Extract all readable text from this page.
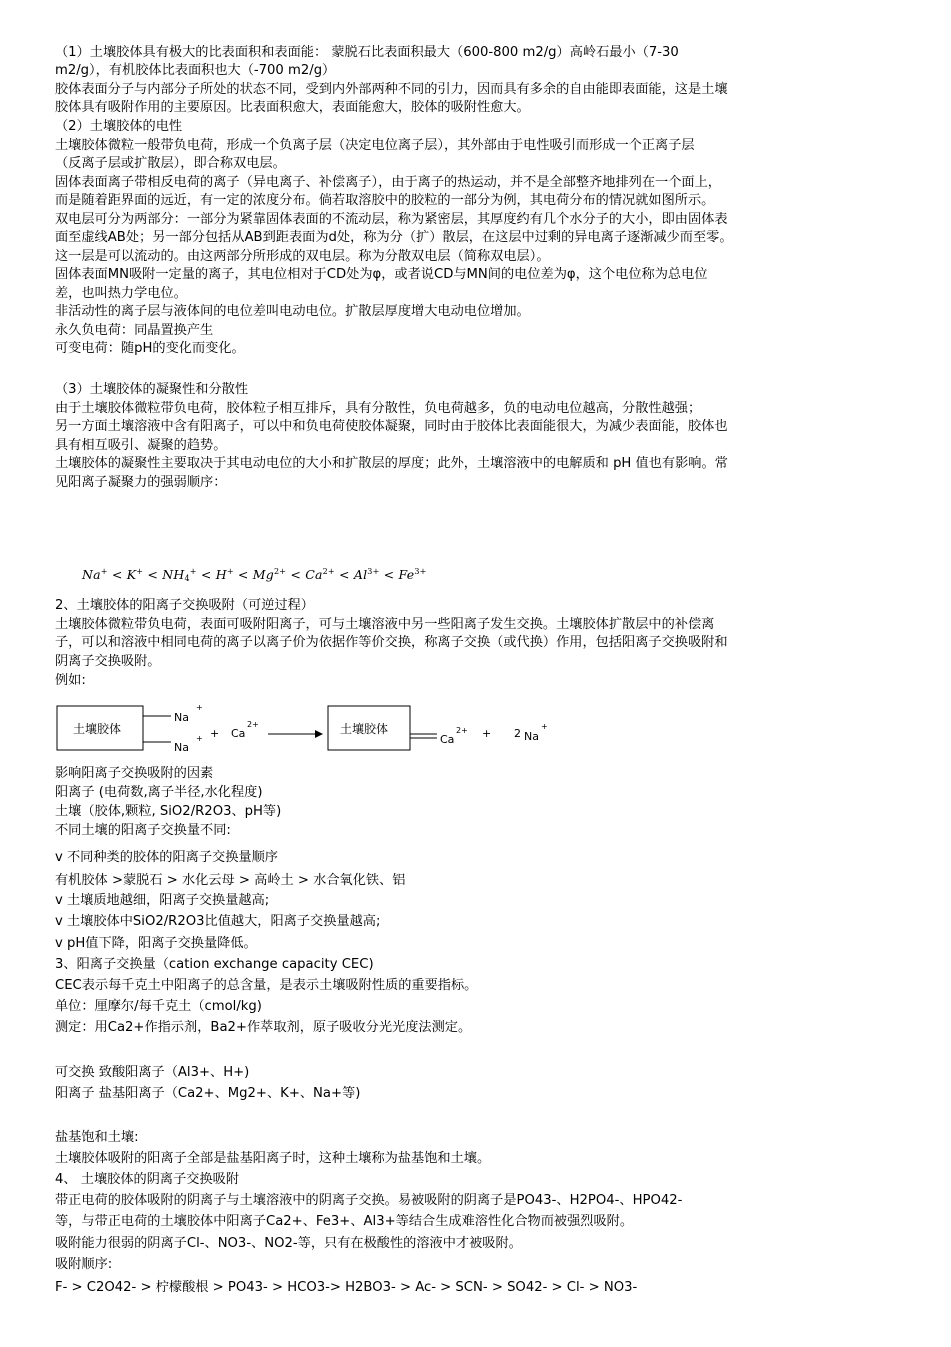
（1）土壤胶体具有极大的比表面积和表面能： 蒙脱石比表面积最大（600-800 m2/g）高岭石最小（7-30
m2/g），有机胶体比表面积也大（-700 m2/g）
胶体表面分子与内部分子所处的状态不同，受到内外部两种不同的引力，因而具有多余的自由能即表面能，这是土壤
胶体具有吸附作用的主要原因。比表面积愈大，表面能愈大，胶体的吸附性愈大。
（2）土壤胶体的电性
土壤胶体微粒一般带负电荷，形成一个负离子层（决定电位离子层），其外部由于电性吸引而形成一个正离子层
（反离子层或扩散层），即合称双电层。
固体表面离子带相反电荷的离子（异电离子、补偿离子），由于离子的热运动，并不是全部整齐地排列在一个面上，
而是随着距界面的远近，有一定的浓度分布。倘若取溶胶中的胶粒的一部分为例，其电荷分布的情况就如图所示。
双电层可分为两部分：一部分为紧靠固体表面的不流动层，称为紧密层，其厚度约有几个水分子的大小，即由固体表
面至虚线AB处；另一部分包括从AB到距表面为d处，称为分（扩）散层，在这层中过剩的异电离子逐渐减少而至零。
这一层是可以流动的。由这两部分所形成的双电层。称为分散双电层（简称双电层）。
固体表面MN吸附一定量的离子，其电位相对于CD处为φ，或者说CD与MN间的电位差为φ，这个电位称为总电位
差，也叫热力学电位。
非活动性的离子层与液体间的电位差叫电动电位。扩散层厚度增大电动电位增加。
永久负电荷：同晶置换产生
可变电荷：随pH的变化而变化。
（3）土壤胶体的凝聚性和分散性
由于土壤胶体微粒带负电荷，胶体粒子相互排斥，具有分散性，负电荷越多，负的电动电位越高，分散性越强；
另一方面土壤溶液中含有阳离子，可以中和负电荷使胶体凝聚，同时由于胶体比表面能很大，为减少表面能，胶体也
具有相互吸引、凝聚的趋势。
土壤胶体的凝聚性主要取决于其电动电位的大小和扩散层的厚度；此外，土壤溶液中的电解质和 pH 值也有影响。常
见阳离子凝聚力的强弱顺序：
$Na^+ < K^+ < NH_4^+ < H^+ < Mg^{2+} < Ca^{2+} < Al^{3+} < Fe^{3+}$
2、土壤胶体的阳离子交换吸附（可逆过程）
土壤胶体微粒带负电荷，表面可吸附阳离子，可与土壤溶液中另一些阳离子发生交换。土壤胶体扩散层中的补偿离
子，可以和溶液中相同电荷的离子以离子价为依据作等价交换，称离子交换（或代换）作用，包括阳离子交换吸附和
阴离子交换吸附。
例如:
土壤胶体
Na
+
Na
+ + Ca
2+	土壤胶体
Ca
2+ + 2 Na
+
影响阳离子交换吸附的因素
阳离子 (电荷数,离子半径,水化程度)
土壤（胶体,颗粒, SiO2/R2O3、pH等)
不同土壤的阳离子交换量不同:
v 不同种类的胶体的阳离子交换量顺序
有机胶体 >蒙脱石 > 水化云母 > 高岭土 > 水合氧化铁、铝
v 土壤质地越细，阳离子交换量越高;
v 土壤胶体中SiO2/R2O3比值越大，阳离子交换量越高;
v pH值下降，阳离子交换量降低。
3、阳离子交换量（cation exchange capacity CEC)
CEC表示每千克土中阳离子的总含量，是表示土壤吸附性质的重要指标。
单位：厘摩尔/每千克土（cmol/kg)
测定：用Ca2+作指示剂，Ba2+作萃取剂，原子吸收分光光度法测定。
可交换 致酸阳离子（Al3+、H+)
阳离子 盐基阳离子（Ca2+、Mg2+、K+、Na+等)
盐基饱和土壤:
土壤胶体吸附的阳离子全部是盐基阳离子时，这种土壤称为盐基饱和土壤。
4、 土壤胶体的阴离子交换吸附
带正电荷的胶体吸附的阴离子与土壤溶液中的阴离子交换。易被吸附的阴离子是PO43-、H2PO4-、HPO42-
等，与带正电荷的土壤胶体中阳离子Ca2+、Fe3+、Al3+等结合生成难溶性化合物而被强烈吸附。
吸附能力很弱的阴离子Cl-、NO3-、NO2-等，只有在极酸性的溶液中才被吸附。
吸附顺序:
F- > C2O42- > 柠檬酸根 > PO43- > HCO3-> H2BO3- > Ac- > SCN- > SO42- > Cl- > NO3-
